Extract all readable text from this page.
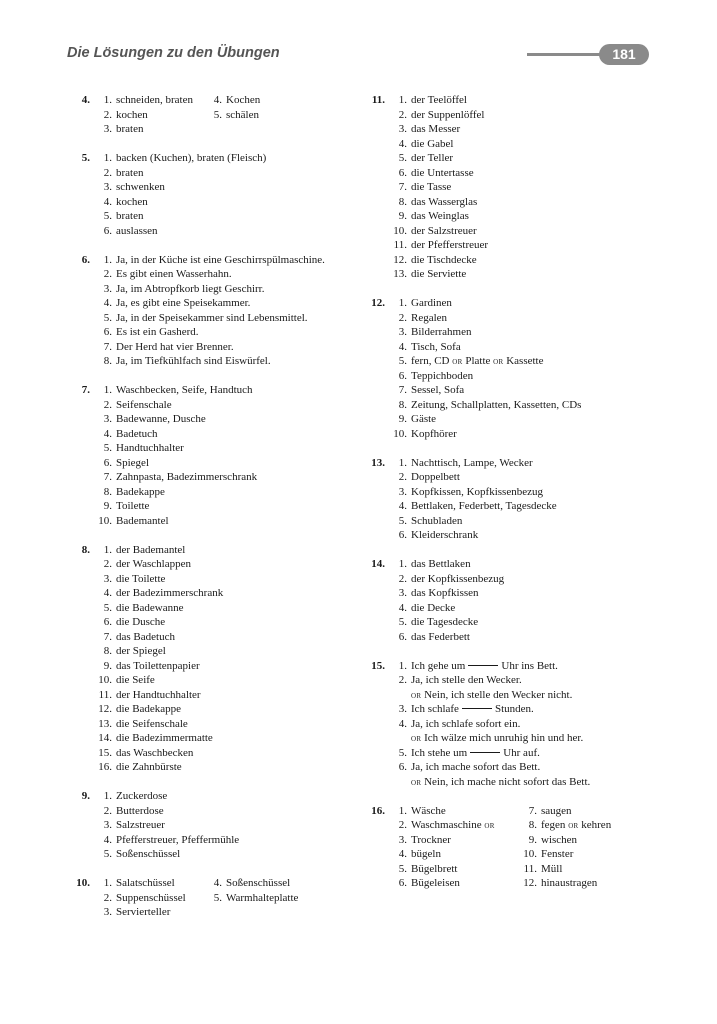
Die Lösungen zu den Übungen	181
4.	1. schneiden, braten	4. Kochen
2. kochen	5. schälen
3. braten
5.	1. backen (Kuchen), braten (Fleisch)
2. braten
3. schwenken
4. kochen
5. braten
6. auslassen
6.	1. Ja, in der Küche ist eine Geschirrspülmaschine.
2. Es gibt einen Wasserhahn.
3. Ja, im Abtropfkorb liegt Geschirr.
4. Ja, es gibt eine Speisekammer.
5. Ja, in der Speisekammer sind Lebensmittel.
6. Es ist ein Gasherd.
7. Der Herd hat vier Brenner.
8. Ja, im Tiefkühlfach sind Eiswürfel.
7.	1. Waschbecken, Seife, Handtuch
2. Seifenschale
3. Badewanne, Dusche
4. Badetuch
5. Handtuchhalter
6. Spiegel
7. Zahnpasta, Badezimmerschrank
8. Badekappe
9. Toilette
10. Bademantel
8.	1. der Bademantel
2. der Waschlappen
3. die Toilette
4. der Badezimmerschrank
5. die Badewanne
6. die Dusche
7. das Badetuch
8. der Spiegel
9. das Toilettenpapier
10. die Seife
11. der Handtuchhalter
12. die Badekappe
13. die Seifenschale
14. die Badezimmermatte
15. das Waschbecken
16. die Zahnbürste
9.	1. Zuckerdose
2. Butterdose
3. Salzstreuer
4. Pfefferstreuer, Pfeffermühle
5. Soßenschüssel
10.	1. Salatschüssel	4. Soßenschüssel
2. Suppenschüssel	5. Warmhalteplatte
3. Servierteller
11.	1. der Teelöffel
2. der Suppenlöffel
3. das Messer
4. die Gabel
5. der Teller
6. die Untertasse
7. die Tasse
8. das Wasserglas
9. das Weinglas
10. der Salzstreuer
11. der Pfefferstreuer
12. die Tischdecke
13. die Serviette
12.	1. Gardinen
2. Regalen
3. Bilderrahmen
4. Tisch, Sofa
5. fern, CD or Platte or Kassette
6. Teppichboden
7. Sessel, Sofa
8. Zeitung, Schallplatten, Kassetten, CDs
9. Gäste
10. Kopfhörer
13.	1. Nachttisch, Lampe, Wecker
2. Doppelbett
3. Kopfkissen, Kopfkissenbezug
4. Bettlaken, Federbett, Tagesdecke
5. Schubladen
6. Kleiderschrank
14.	1. das Bettlaken
2. der Kopfkissenbezug
3. das Kopfkissen
4. die Decke
5. die Tagesdecke
6. das Federbett
15.	1. Ich gehe um	Uhr ins Bett.
2. Ja, ich stelle den Wecker.
or Nein, ich stelle den Wecker nicht.
3. Ich schlafe	Stunden.
4. Ja, ich schlafe sofort ein.
or Ich wälze mich unruhig hin und her.
5. Ich stehe um	Uhr auf.
6. Ja, ich mache sofort das Bett.
or Nein, ich mache nicht sofort das Bett.
16.	1. Wäsche	7. saugen
2. Waschmaschine or	8. fegen or kehren
3. Trockner	9. wischen
4. bügeln	10. Fenster
5. Bügelbrett	11. Müll
6. Bügeleisen	12. hinaustragen
